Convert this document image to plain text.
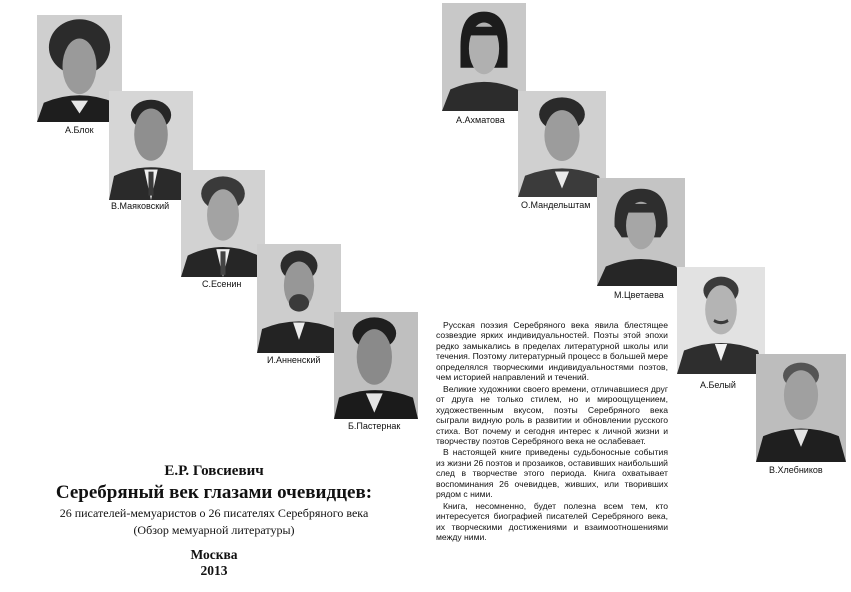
А.Блок
В.Маяковский
С.Есенин
И.Анненский
Б.Пастернак
А.Ахматова
О.Мандельштам
М.Цветаева
А.Белый
В.Хлебников

Русская поэзия Серебряного века явила блестящее созвездие ярких индивидуальностей. Поэты этой эпохи редко замыкались в пределах литературной школы или течения. Поэтому литературный процесс в большей мере определялся творческими индивидуальностями поэтов, чем историей направлений и течений.

Великие художники своего времени, отличавшиеся друг от друга не только стилем, но и мироощущением, художественным вкусом, поэты Серебряного века сыграли видную роль в развитии и обновлении русского стиха. Вот почему и сегодня интерес к личной жизни и творчеству поэтов Серебряного века не ослабевает.

В настоящей книге приведены судьбоносные события из жизни 26 поэтов и прозаиков, оставивших наибольший след в творчестве этого периода. Книга охватывает воспоминания 26 очевидцев, живших, или творивших рядом с ними.

Книга, несомненно, будет полезна всем тем, кто интересуется биографией писателей Серебряного века, их творческими достижениями и взаимоотношениями между ними.

Е.Р. Говсиевич
Серебряный век глазами очевидцев:
26 писателей-мемуаристов о 26 писателях Серебряного века
(Обзор мемуарной литературы)
Москва
2013
